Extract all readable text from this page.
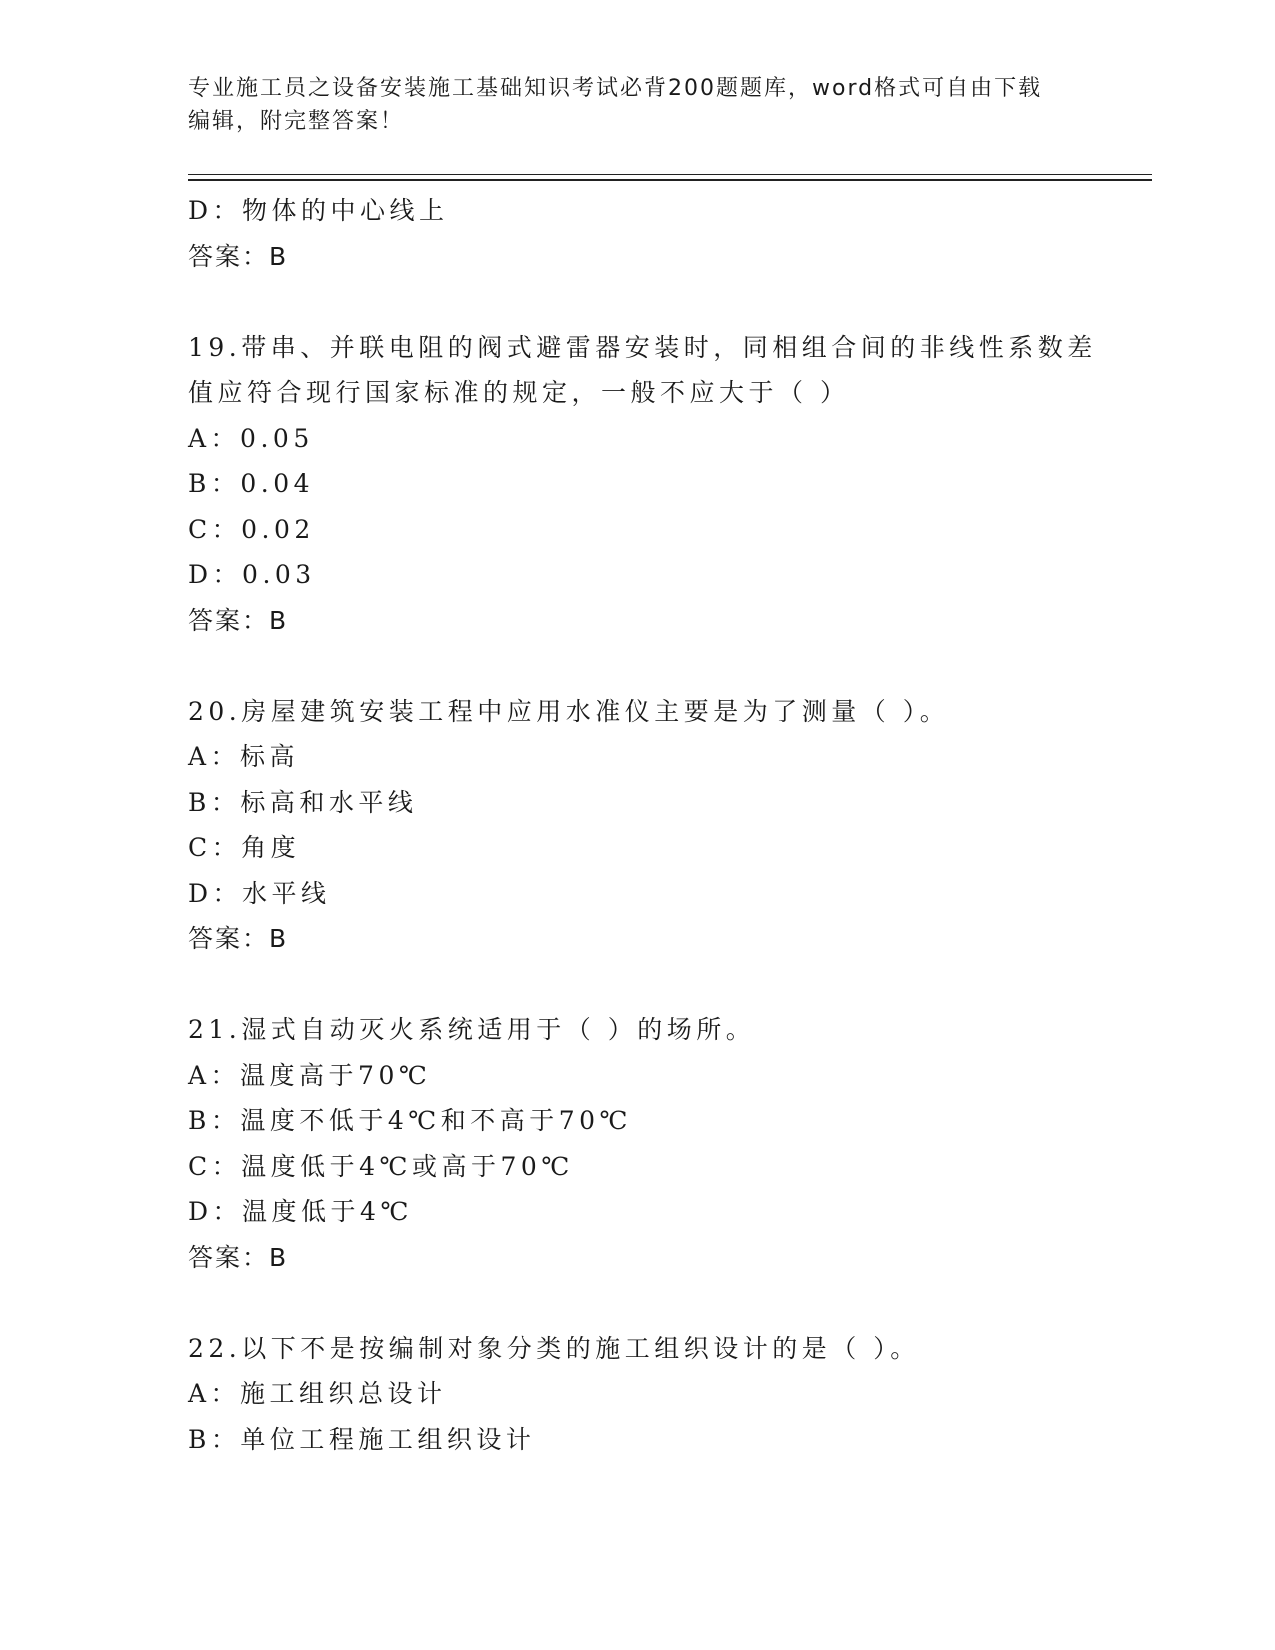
专业施工员之设备安装施工基础知识考试必背200题题库，word格式可自由下载
编辑，附完整答案！
D：物体的中心线上
答案：B
19.带串、并联电阻的阀式避雷器安装时，同相组合间的非线性系数差
值应符合现行国家标准的规定，一般不应大于（ ）
A：0.05
B：0.04
C：0.02
D：0.03
答案：B
20.房屋建筑安装工程中应用水准仪主要是为了测量（ ）。
A：标高
B：标高和水平线
C：角度
D：水平线
答案：B
21.湿式自动灭火系统适用于（ ）的场所。
A：温度高于70℃
B：温度不低于4℃和不高于70℃
C：温度低于4℃或高于70℃
D：温度低于4℃
答案：B
22.以下不是按编制对象分类的施工组织设计的是（ ）。
A：施工组织总设计
B：单位工程施工组织设计
